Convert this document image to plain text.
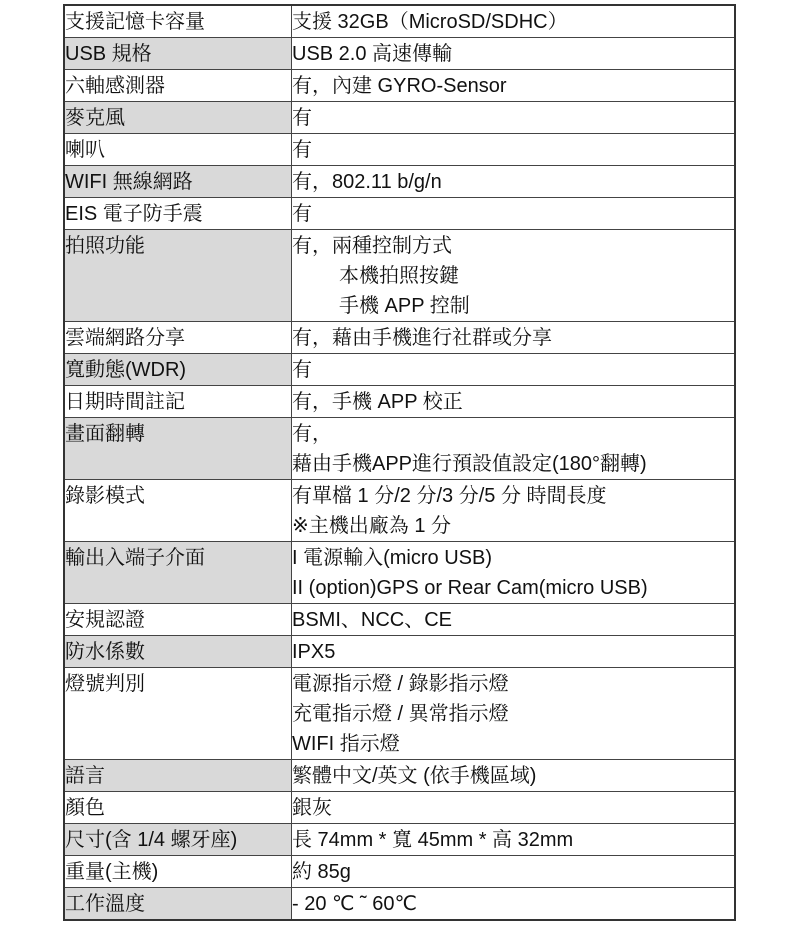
支援記憶卡容量	支援 32GB（MicroSD/SDHC）

USB 規格	USB 2.0 高速傳輸

六軸感測器	有，內建 GYRO-Sensor

麥克風	有

喇叭	有

WIFI 無線網路	有，802.11 b/g/n

EIS 電子防手震	有

拍照功能	有，兩種控制方式
本機拍照按鍵
手機 APP 控制

雲端網路分享	有，藉由手機進行社群或分享

寬動態(WDR)	有

日期時間註記	有，手機 APP 校正

畫面翻轉	有，
藉由手機APP進行預設值設定(180°翻轉)

錄影模式	有單檔 1 分/2 分/3 分/5 分 時間長度
※主機出廠為 1 分

輸出入端子介面	I 電源輸入(micro USB)
II (option)GPS or Rear Cam(micro USB)

安規認證	BSMI、NCC、CE

防水係數	IPX5

燈號判別	電源指示燈 / 錄影指示燈
充電指示燈 / 異常指示燈
WIFI 指示燈

語言	繁體中文/英文 (依手機區域)

顏色	銀灰

尺寸(含 1/4 螺牙座)	長 74mm * 寬 45mm * 高 32mm

重量(主機)	約 85g

工作溫度	- 20 ℃ ˜ 60℃
